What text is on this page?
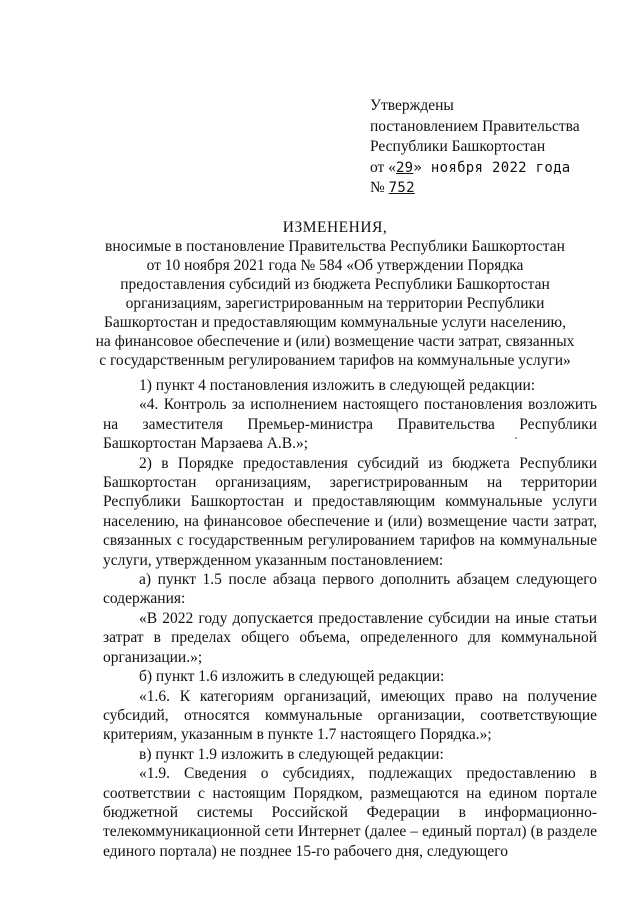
Утверждены
постановлением Правительства
Республики Башкортостан
от «29» ноября 2022 года
№ 752
ИЗМЕНЕНИЯ,
вносимые в постановление Правительства Республики Башкортостан
от 10 ноября 2021 года № 584 «Об утверждении Порядка
предоставления субсидий из бюджета Республики Башкортостан
организациям, зарегистрированным на территории Республики
Башкортостан и предоставляющим коммунальные услуги населению,
на финансовое обеспечение и (или) возмещение части затрат, связанных
с государственным регулированием тарифов на коммунальные услуги»

1) пункт 4 постановления изложить в следующей редакции:

«4. Контроль за исполнением настоящего постановления возложить на заместителя Премьер-министра Правительства Республики Башкортостан Марзаева А.В.»;

2) в Порядке предоставления субсидий из бюджета Республики Башкортостан организациям, зарегистрированным на территории Республики Башкортостан и предоставляющим коммунальные услуги населению, на финансовое обеспечение и (или) возмещение части затрат, связанных с государственным регулированием тарифов на коммунальные услуги, утвержденном указанным постановлением:

а) пункт 1.5 после абзаца первого дополнить абзацем следующего содержания:

«В 2022 году допускается предоставление субсидии на иные статьи затрат в пределах общего объема, определенного для коммунальной организации.»;

б) пункт 1.6 изложить в следующей редакции:

«1.6. К категориям организаций, имеющих право на получение субсидий, относятся коммунальные организации, соответствующие критериям, указанным в пункте 1.7 настоящего Порядка.»;

в) пункт 1.9 изложить в следующей редакции:

«1.9. Сведения о субсидиях, подлежащих предоставлению в соответствии с настоящим Порядком, размещаются на едином портале бюджетной системы Российской Федерации в информационно-телекоммуникационной сети Интернет (далее – единый портал) (в разделе единого портала) не позднее 15-го рабочего дня, следующего
